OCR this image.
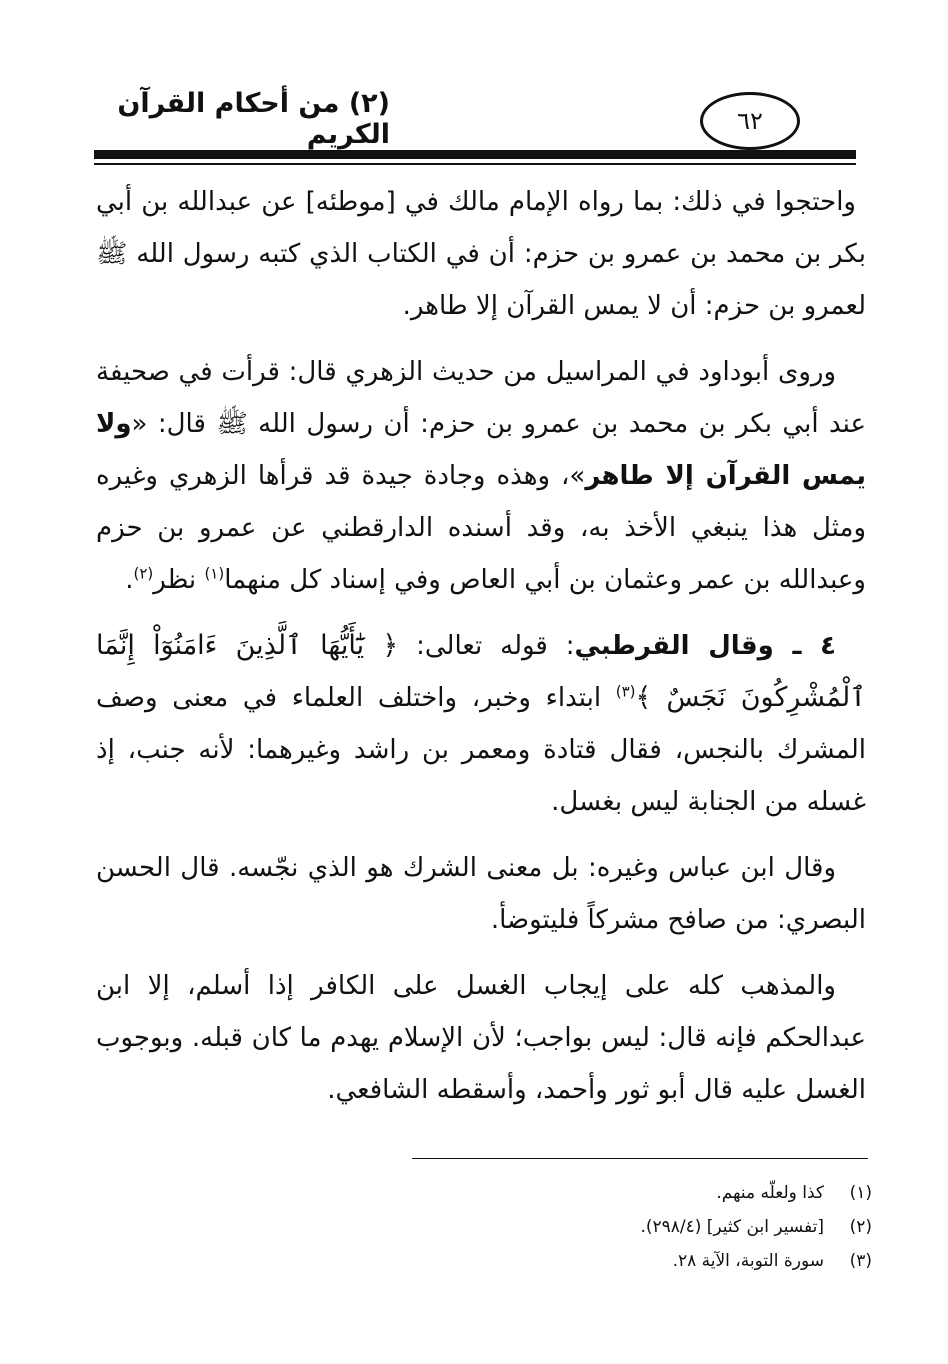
(٢) من أحكام القرآن الكريم	٦٢

واحتجوا في ذلك: بما رواه الإمام مالك في [موطئه] عن عبدالله بن أبي بكر بن محمد بن عمرو بن حزم: أن في الكتاب الذي كتبه رسول الله ﷺ لعمرو بن حزم: أن لا يمس القرآن إلا طاهر.

وروى أبوداود في المراسيل من حديث الزهري قال: قرأت في صحيفة عند أبي بكر بن محمد بن عمرو بن حزم: أن رسول الله ﷺ قال: «ولا يمس القرآن إلا طاهر»، وهذه وجادة جيدة قد قرأها الزهري وغيره ومثل هذا ينبغي الأخذ به، وقد أسنده الدارقطني عن عمرو بن حزم وعبدالله بن عمر وعثمان بن أبي العاص وفي إسناد كل منهما$^{(١)}$ نظر$^{(٢)}$.

٤ ـ وقال القرطبي: قوله تعالى: ﴿ يَٰٓأَيُّهَا ٱلَّذِينَ ءَامَنُوٓاْ إِنَّمَا ٱلْمُشْرِكُونَ نَجَسٌ ﴾$^{(٣)}$ ابتداء وخبر، واختلف العلماء في معنى وصف المشرك بالنجس، فقال قتادة ومعمر بن راشد وغيرهما: لأنه جنب، إذ غسله من الجنابة ليس بغسل.

وقال ابن عباس وغيره: بل معنى الشرك هو الذي نجّسه. قال الحسن البصري: من صافح مشركاً فليتوضأ.

والمذهب كله على إيجاب الغسل على الكافر إذا أسلم، إلا ابن عبدالحكم فإنه قال: ليس بواجب؛ لأن الإسلام يهدم ما كان قبله. وبوجوب الغسل عليه قال أبو ثور وأحمد، وأسقطه الشافعي.

(١)
كذا ولعلّه منهم.
(٢)
[تفسير ابن كثير] (٢٩٨/٤).
(٣)
سورة التوبة، الآية ٢٨.
